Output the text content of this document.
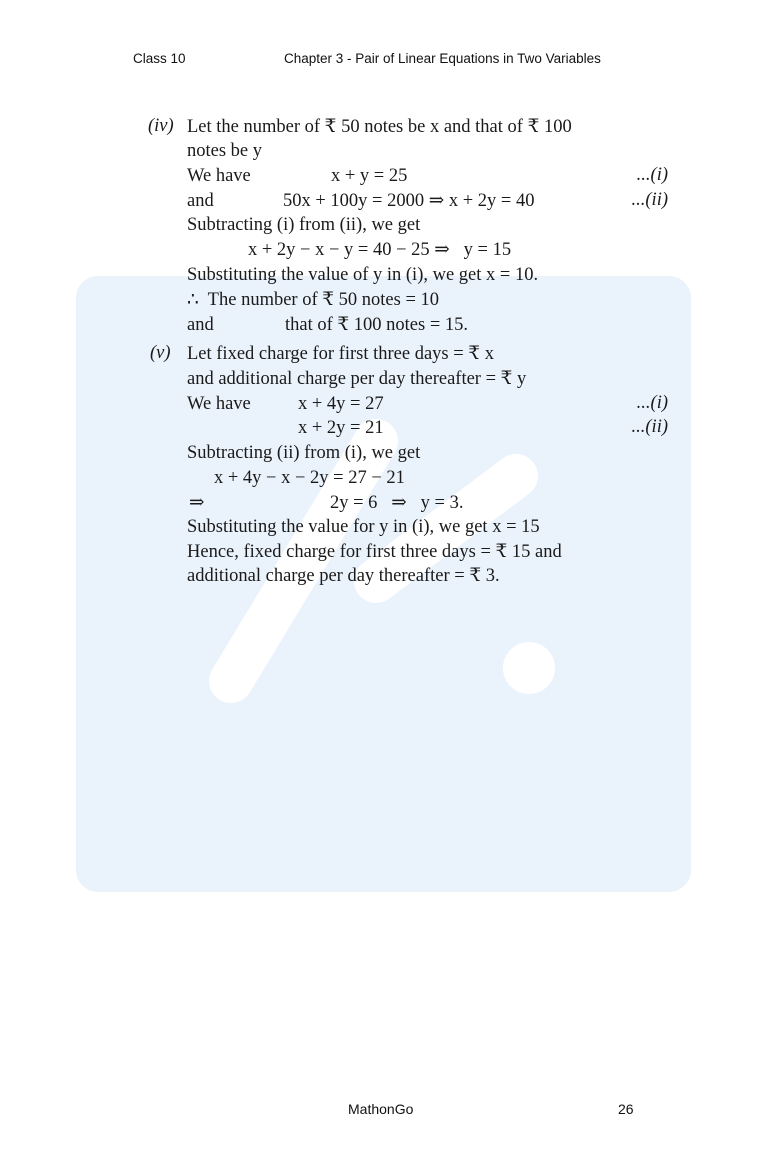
Class 10	Chapter 3 - Pair of Linear Equations in Two Variables
(iv) Let the number of ₹ 50 notes be x and that of ₹ 100
notes be y
We have	x + y = 25	...(i)
and	50x + 100y = 2000 ⇒ x + 2y = 40	...(ii)
Subtracting (i) from (ii), we get
x + 2y − x − y = 40 − 25 ⇒   y = 15
Substituting the value of y in (i), we get x = 10.
∴  The number of ₹ 50 notes = 10
and	that of ₹ 100 notes = 15.
(v) Let fixed charge for first three days = ₹ x
and additional charge per day thereafter = ₹ y
We have	x + 4y = 27	...(i)
x + 2y = 21	...(ii)
Subtracting (ii) from (i), we get
x + 4y − x − 2y = 27 − 21
⇒	2y = 6   ⇒   y = 3.
Substituting the value for y in (i), we get x = 15
Hence, fixed charge for first three days = ₹ 15 and
additional charge per day thereafter = ₹ 3.
MathonGo	26
